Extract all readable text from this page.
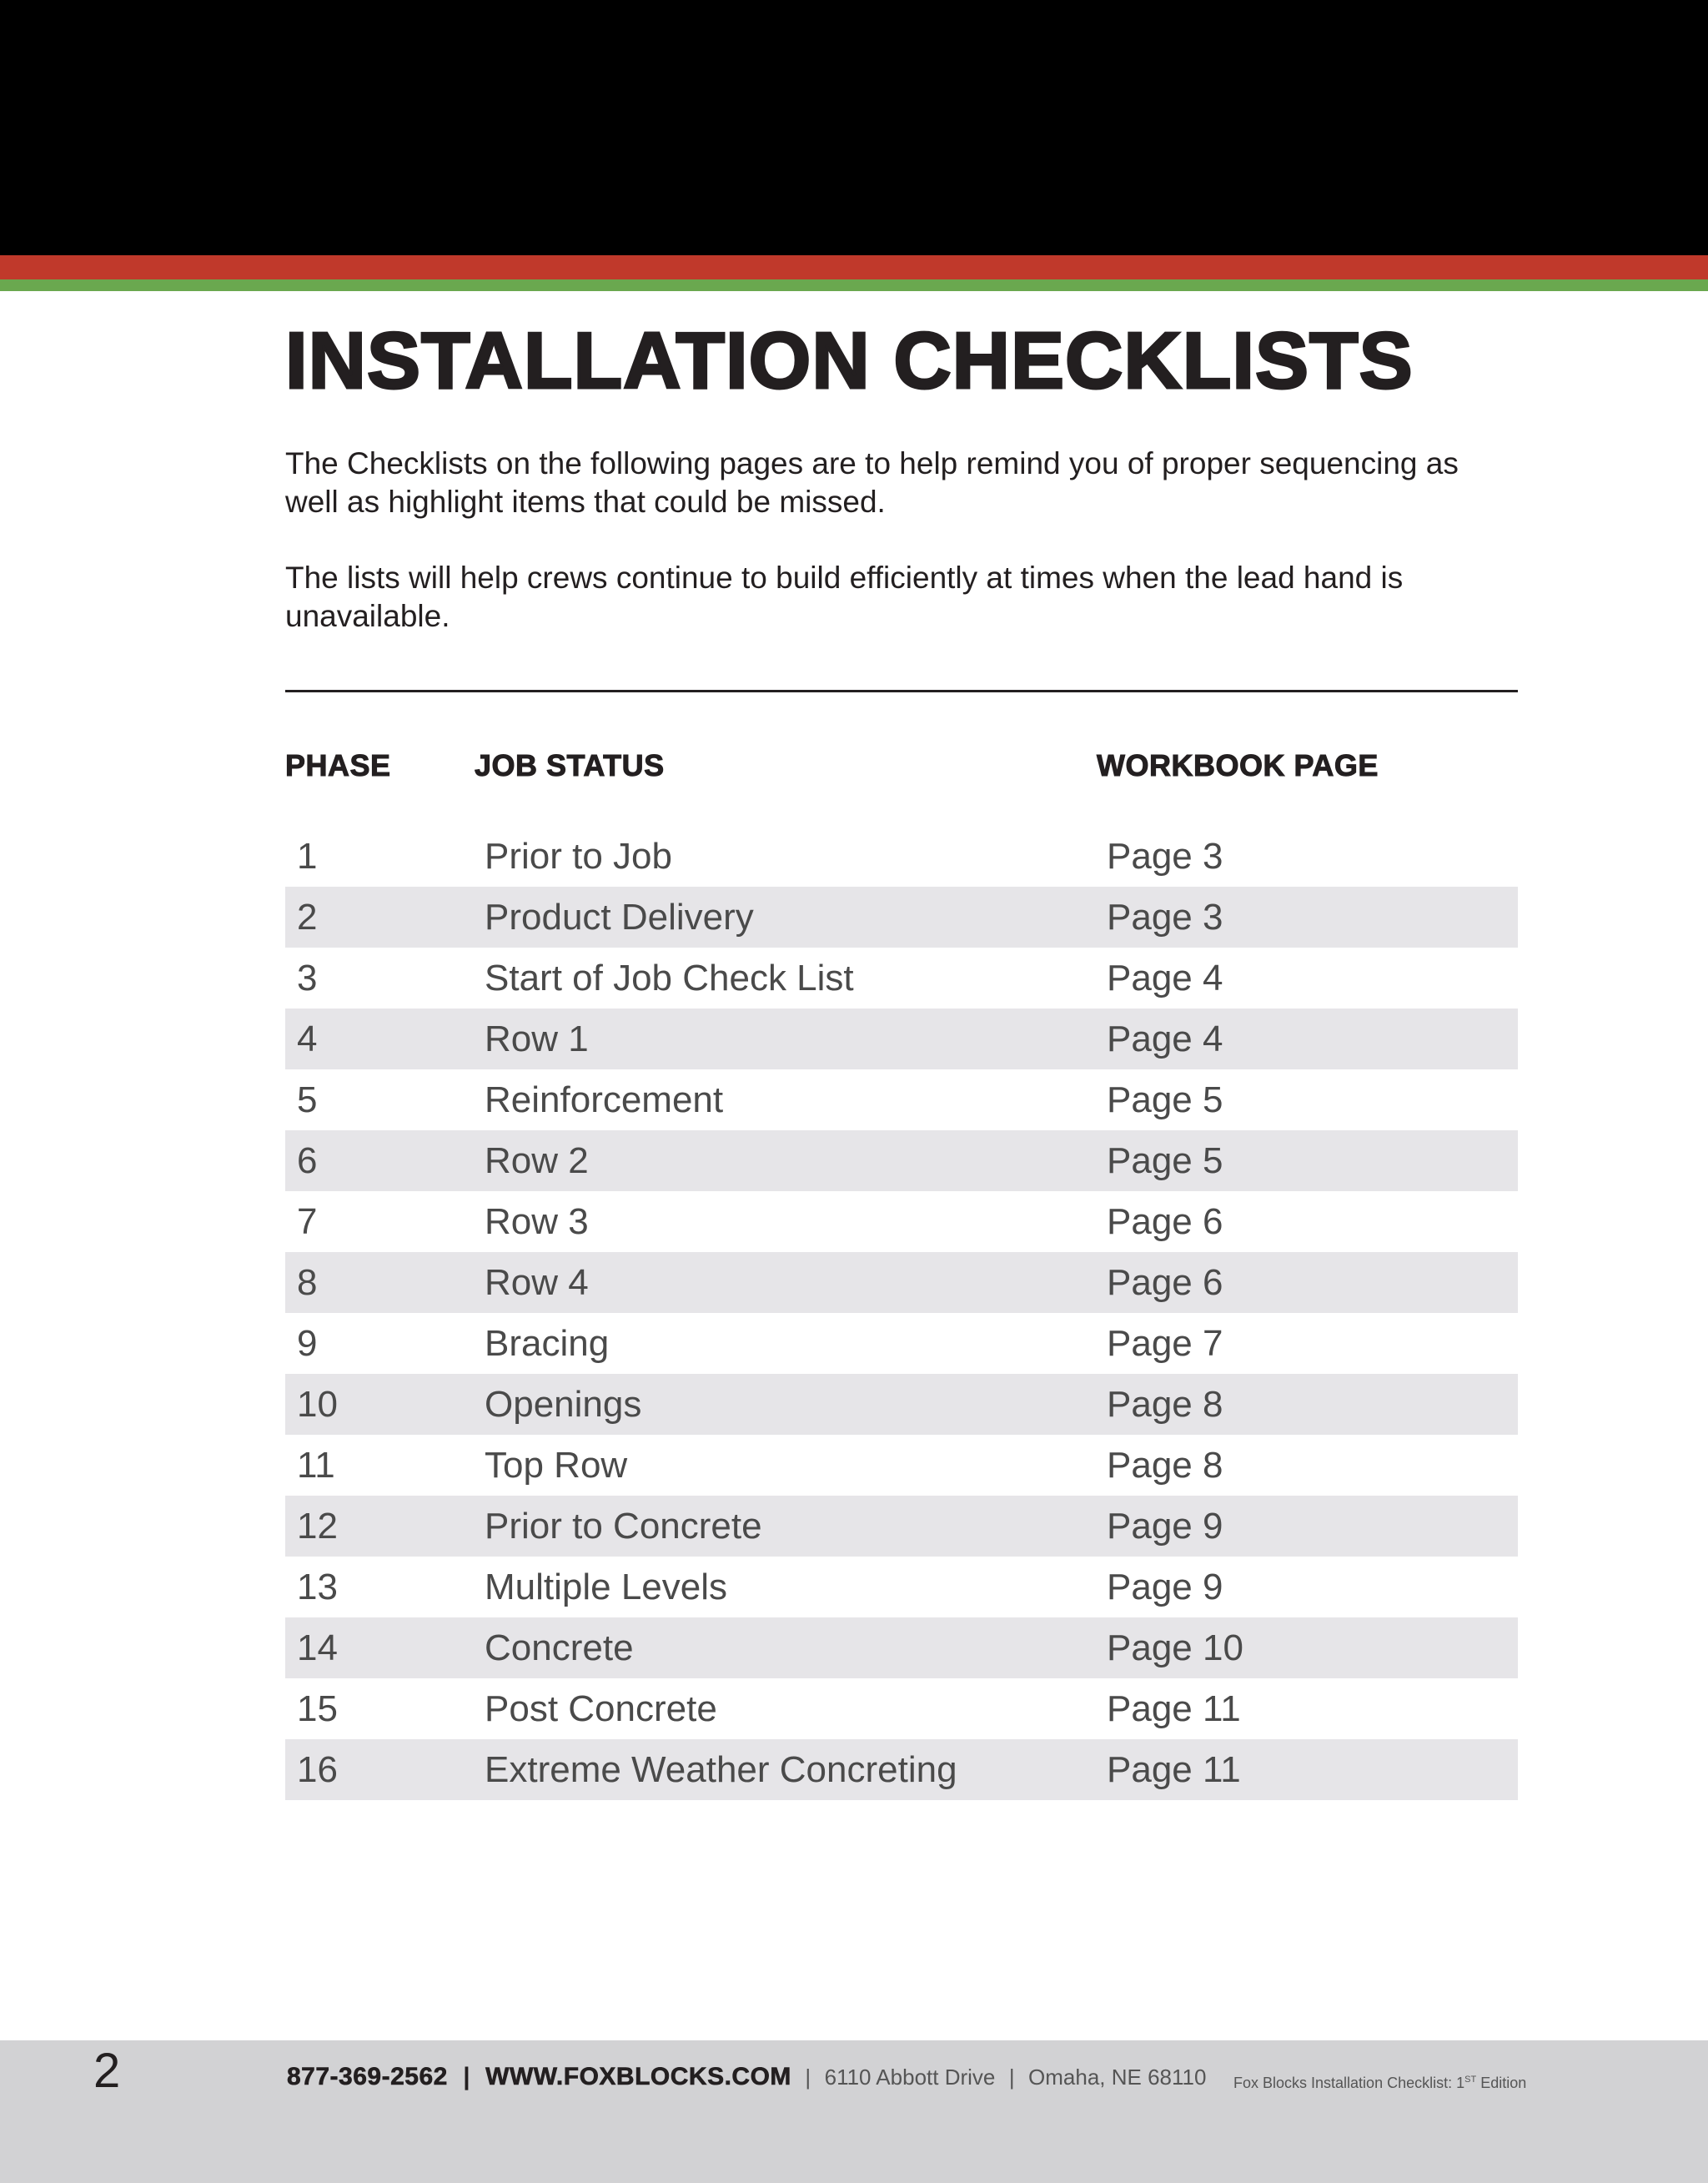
INSTALLATION CHECKLISTS

The Checklists on the following pages are to help remind you of proper sequencing as well as highlight items that could be missed.

The lists will help crews continue to build efficiently at times when the lead hand is unavailable.

PHASE	JOB STATUS	WORKBOOK PAGE
1	Prior to Job	Page 3
2	Product Delivery	Page 3
3	Start of Job Check List	Page 4
4	Row 1	Page 4
5	Reinforcement	Page 5
6	Row 2	Page 5
7	Row 3	Page 6
8	Row 4	Page 6
9	Bracing	Page 7
10	Openings	Page 8
11	Top Row	Page 8
12	Prior to Concrete	Page 9
13	Multiple Levels	Page 9
14	Concrete	Page 10
15	Post Concrete	Page 11
16	Extreme Weather Concreting	Page 11
2	877-369-2562 | WWW.FOXBLOCKS.COM | 6110 Abbott Drive | Omaha, NE 68110 Fox Blocks Installation Checklist: 1ST Edition
